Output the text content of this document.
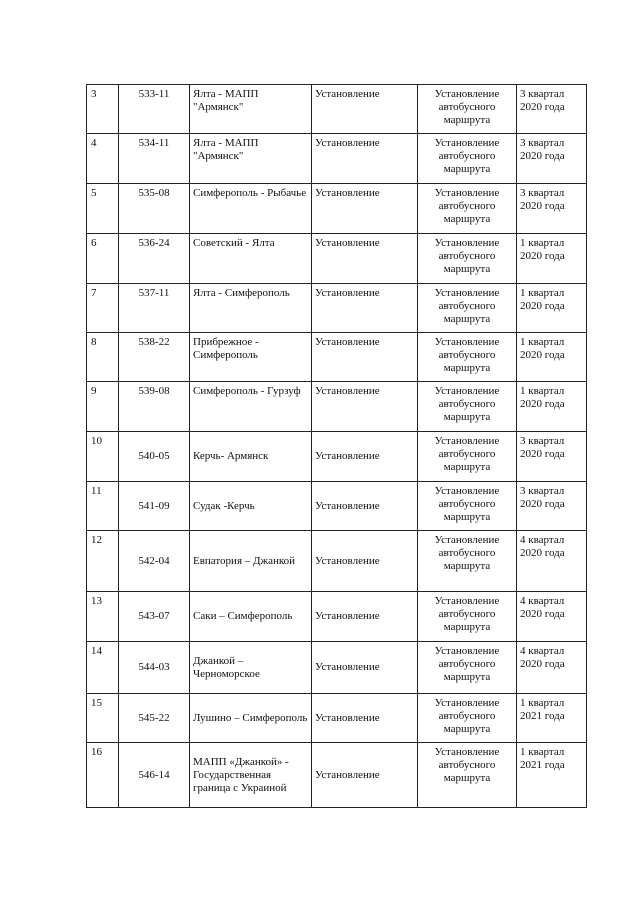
3	533-11	Ялта - МАПП "Армянск"	Установление	Установление автобусного маршрута	3 квартал 2020 года
4	534-11	Ялта - МАПП "Армянск"	Установление	Установление автобусного маршрута	3 квартал 2020 года
5	535-08	Симферополь - Рыбачье	Установление	Установление автобусного маршрута	3 квартал 2020 года
6	536-24	Советский - Ялта	Установление	Установление автобусного маршрута	1 квартал 2020 года
7	537-11	Ялта - Симферополь	Установление	Установление автобусного маршрута	1 квартал 2020 года
8	538-22	Прибрежное - Симферополь	Установление	Установление автобусного маршрута	1 квартал 2020 года
9	539-08	Симферополь - Гурзуф	Установление	Установление автобусного маршрута	1 квартал 2020 года
10	540-05	Керчь- Армянск	Установление	Установление автобусного маршрута	3 квартал 2020 года
11	541-09	Судак -Керчь	Установление	Установление автобусного маршрута	3 квартал 2020 года
12	542-04	Евпатория – Джанкой	Установление	Установление автобусного маршрута	4 квартал 2020 года
13	543-07	Саки – Симферополь	Установление	Установление автобусного маршрута	4 квартал 2020 года
14	544-03	Джанкой – Черноморское	Установление	Установление автобусного маршрута	4 квартал 2020 года
15	545-22	Лушино – Симферополь	Установление	Установление автобусного маршрута	1 квартал 2021 года
16	546-14	МАПП «Джанкой» - Государственная граница с Украиной	Установление	Установление автобусного маршрута	1 квартал 2021 года
